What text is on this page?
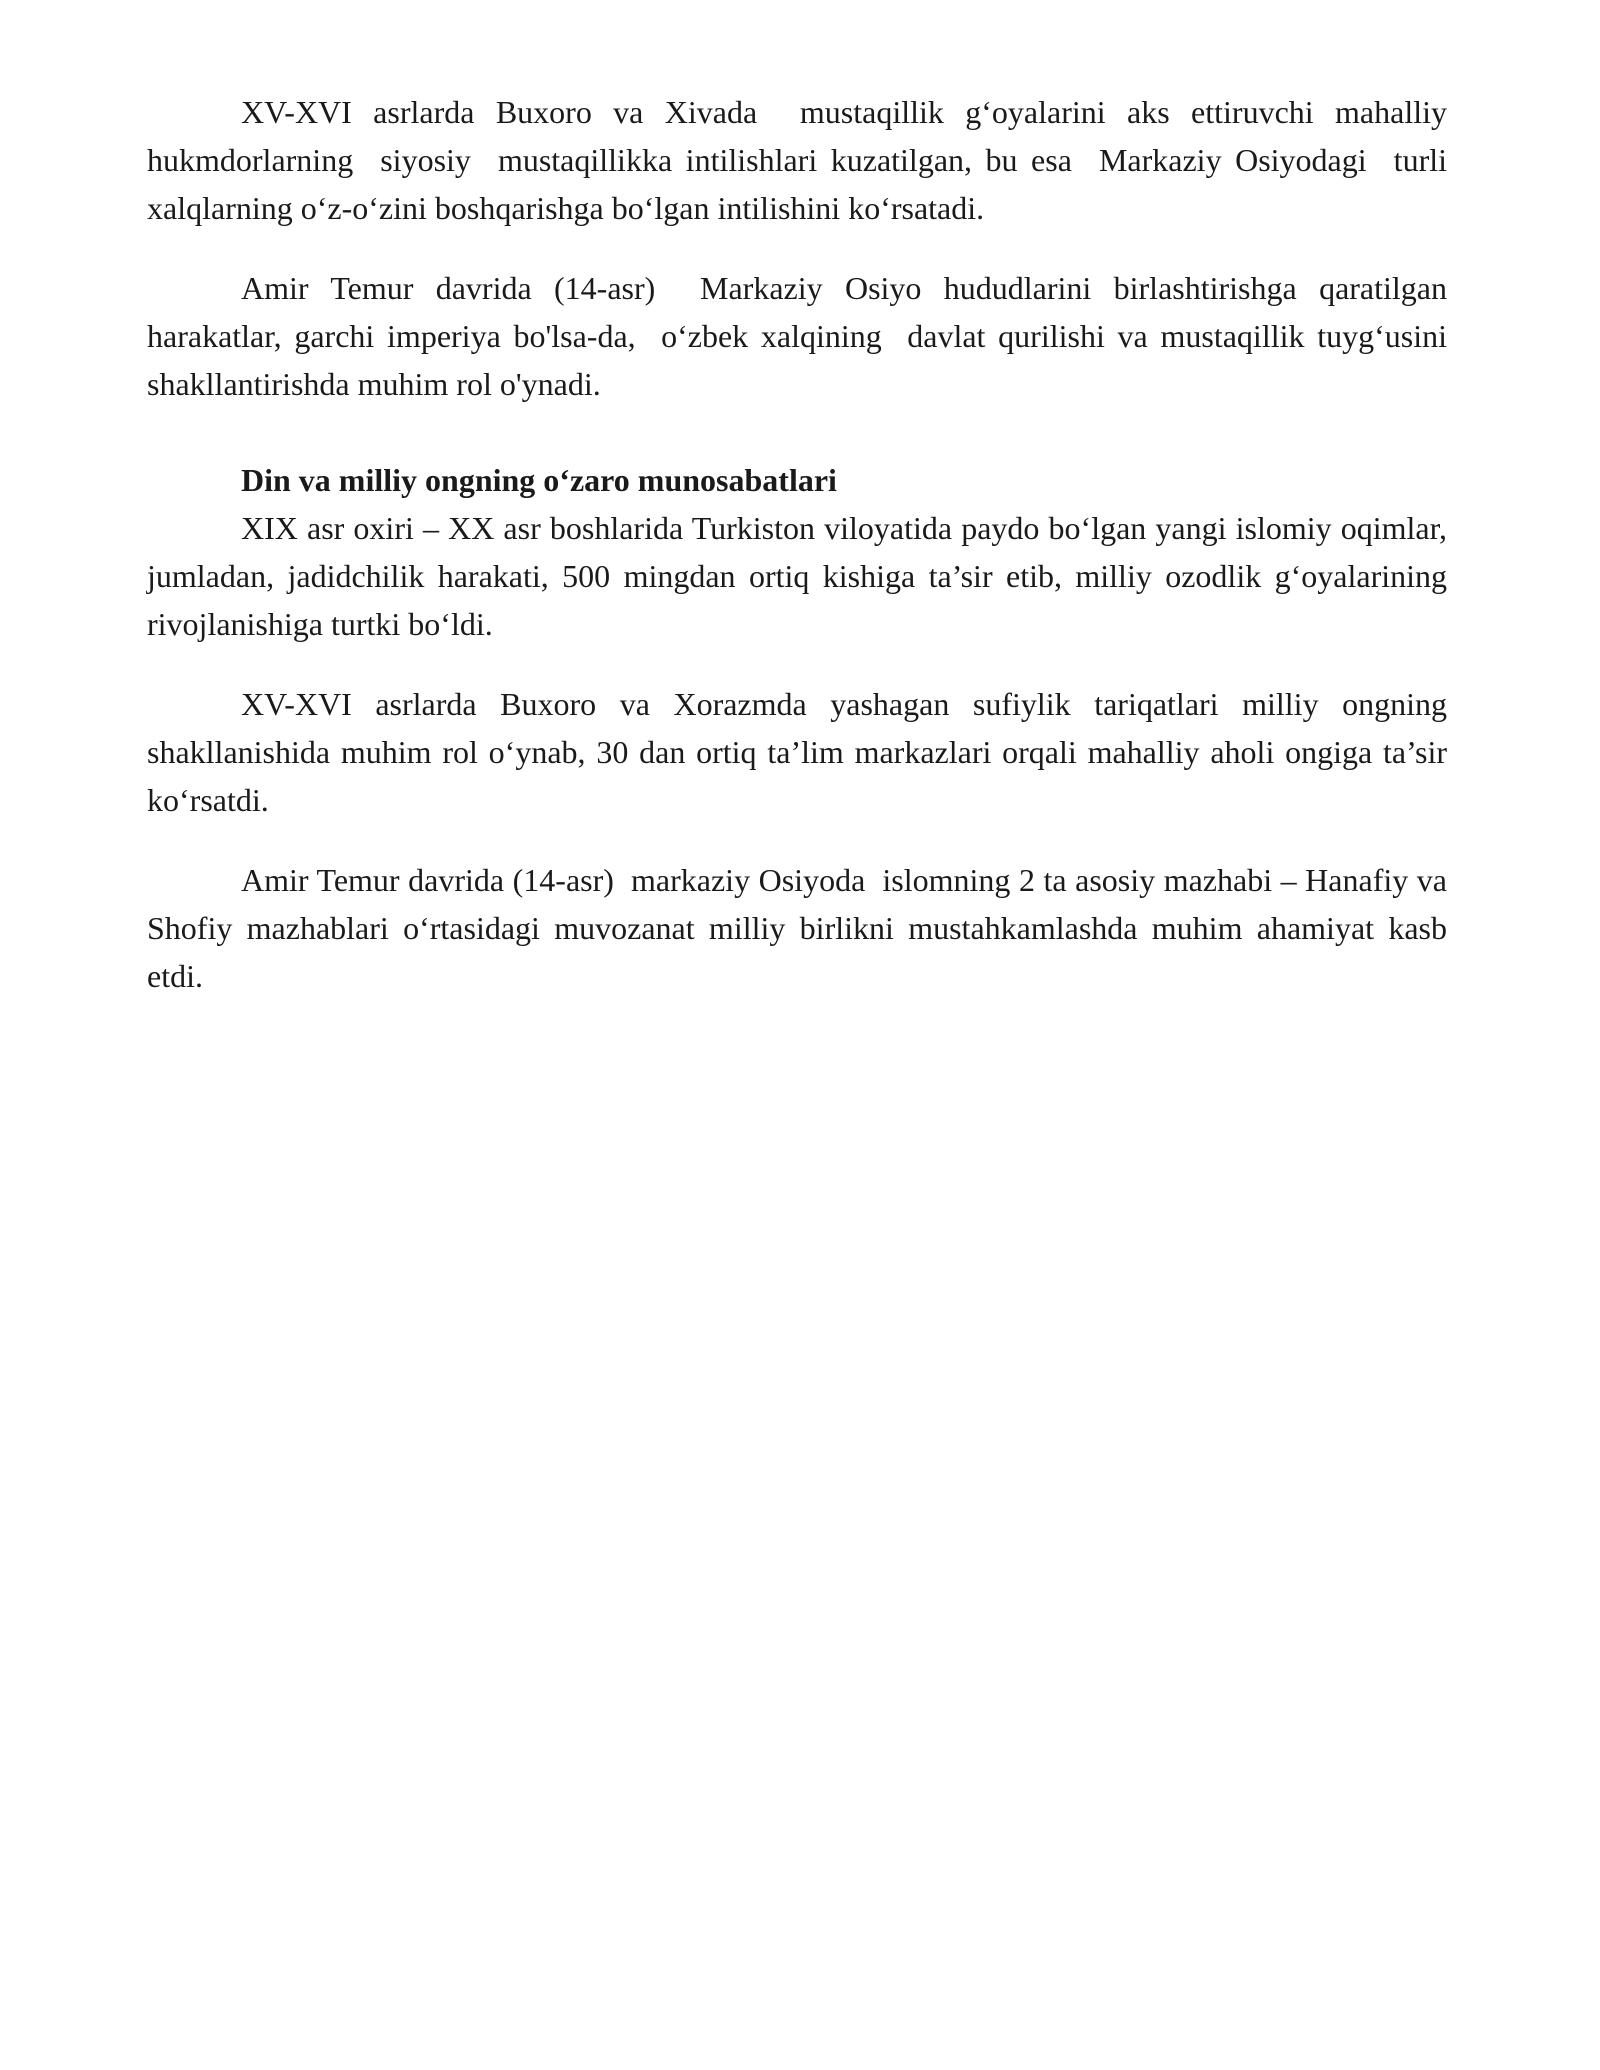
XV-XVI asrlarda Buxoro va Xivada  mustaqillik g‘oyalarini aks ettiruvchi mahalliy hukmdorlarning  siyosiy  mustaqillikka intilishlari kuzatilgan, bu esa  Markaziy Osiyodagi  turli xalqlarning o‘z-o‘zini boshqarishga bo‘lgan intilishini ko‘rsatadi.

Amir Temur davrida (14-asr)  Markaziy Osiyo hududlarini birlashtirishga qaratilgan harakatlar, garchi imperiya bo'lsa-da,  o‘zbek xalqining  davlat qurilishi va mustaqillik tuyg‘usini shakllantirishda muhim rol o'ynadi.

Din va milliy ongning o‘zaro munosabatlari

XIX asr oxiri – XX asr boshlarida Turkiston viloyatida paydo bo‘lgan yangi islomiy oqimlar, jumladan, jadidchilik harakati, 500 mingdan ortiq kishiga ta’sir etib, milliy ozodlik g‘oyalarining rivojlanishiga turtki bo‘ldi.

XV-XVI asrlarda Buxoro va Xorazmda yashagan sufiylik tariqatlari milliy ongning shakllanishida muhim rol o‘ynab, 30 dan ortiq ta’lim markazlari orqali mahalliy aholi ongiga ta’sir ko‘rsatdi.

Amir Temur davrida (14-asr)  markaziy Osiyoda  islomning 2 ta asosiy mazhabi – Hanafiy va Shofiy mazhablari o‘rtasidagi muvozanat milliy birlikni mustahkamlashda muhim ahamiyat kasb etdi.
